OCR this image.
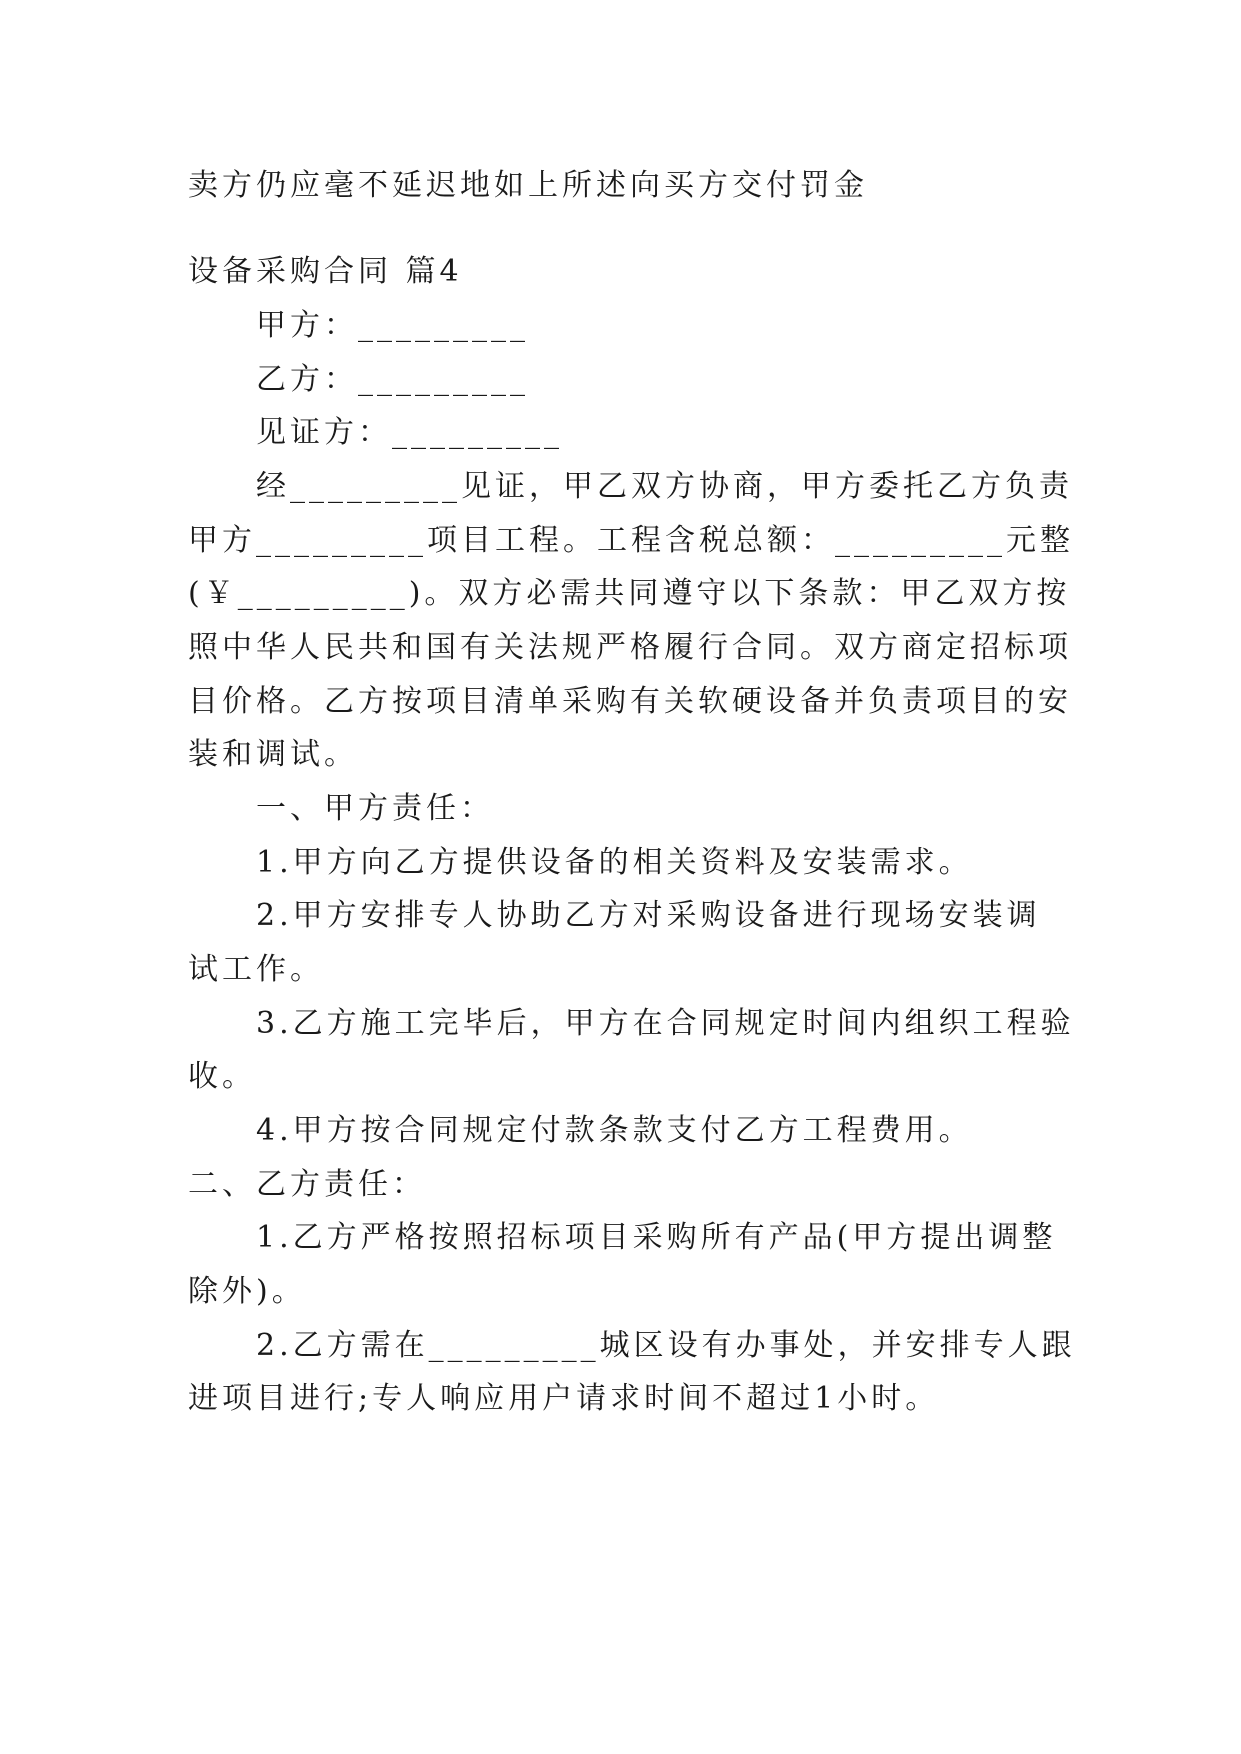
卖方仍应毫不延迟地如上所述向买方交付罚金
设备采购合同 篇4
甲方：_________
乙方：_________
见证方：_________
经_________见证，甲乙双方协商，甲方委托乙方负责
甲方_________项目工程。工程含税总额：_________元整
(￥_________)。双方必需共同遵守以下条款：甲乙双方按
照中华人民共和国有关法规严格履行合同。双方商定招标项
目价格。乙方按项目清单采购有关软硬设备并负责项目的安
装和调试。
一、甲方责任：
1.甲方向乙方提供设备的相关资料及安装需求。
2.甲方安排专人协助乙方对采购设备进行现场安装调
试工作。
3.乙方施工完毕后，甲方在合同规定时间内组织工程验
收。
4.甲方按合同规定付款条款支付乙方工程费用。
二、乙方责任：
1.乙方严格按照招标项目采购所有产品(甲方提出调整
除外)。
2.乙方需在_________城区设有办事处，并安排专人跟
进项目进行;专人响应用户请求时间不超过1小时。
